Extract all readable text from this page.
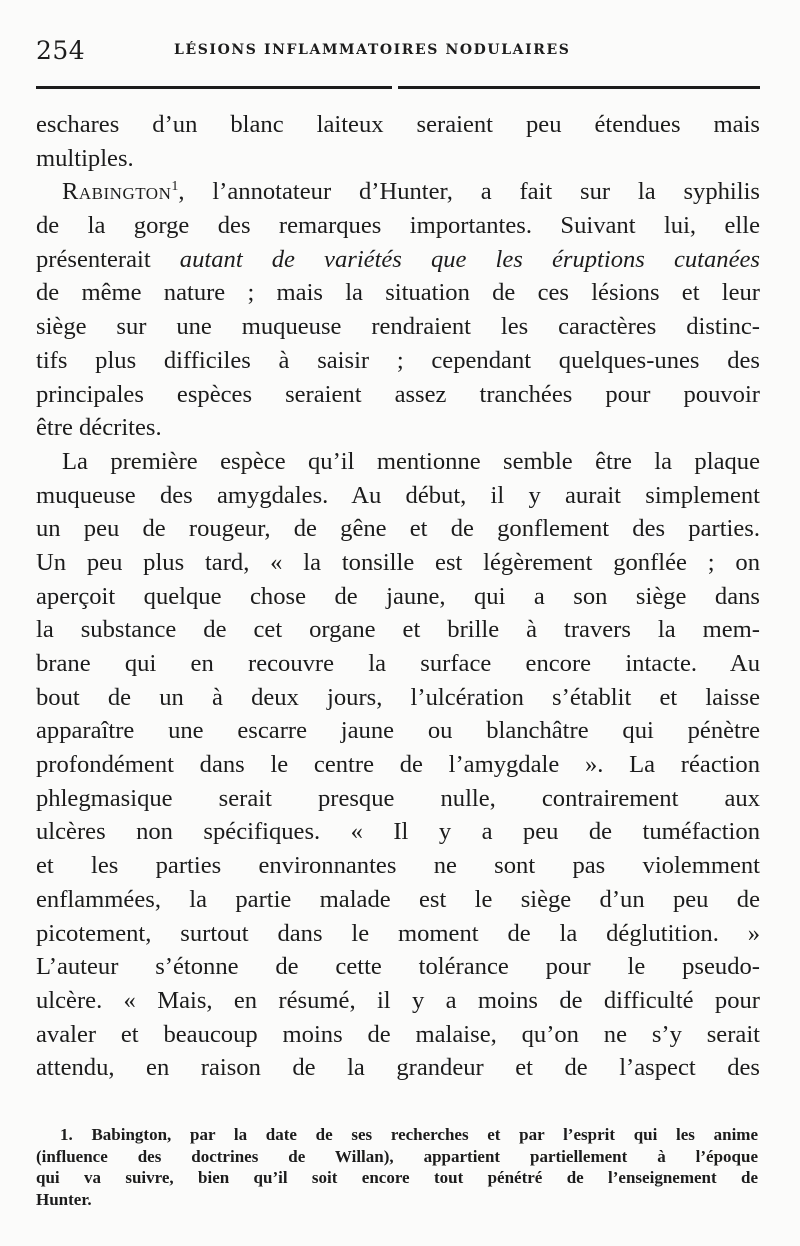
254	LÉSIONS INFLAMMATOIRES NODULAIRES
eschares d’un blanc laiteux seraient peu étendues mais
multiples.
Rabington$^1$, l’annotateur d’Hunter, a fait sur la syphilis
de la gorge des remarques importantes. Suivant lui, elle
présenterait autant de variétés que les éruptions cutanées
de même nature ; mais la situation de ces lésions et leur
siège sur une muqueuse rendraient les caractères distinc-
tifs plus difficiles à saisir ; cependant quelques-unes des
principales espèces seraient assez tranchées pour pouvoir
être décrites.
La première espèce qu’il mentionne semble être la plaque
muqueuse des amygdales. Au début, il y aurait simplement
un peu de rougeur, de gêne et de gonflement des parties.
Un peu plus tard, « la tonsille est légèrement gonflée ; on
aperçoit quelque chose de jaune, qui a son siège dans
la substance de cet organe et brille à travers la mem-
brane qui en recouvre la surface encore intacte. Au
bout de un à deux jours, l’ulcération s’établit et laisse
apparaître une escarre jaune ou blanchâtre qui pénètre
profondément dans le centre de l’amygdale ». La réaction
phlegmasique serait presque nulle, contrairement aux
ulcères non spécifiques. « Il y a peu de tuméfaction
et les parties environnantes ne sont pas violemment
enflammées, la partie malade est le siège d’un peu de
picotement, surtout dans le moment de la déglutition. »
L’auteur s’étonne de cette tolérance pour le pseudo-
ulcère. « Mais, en résumé, il y a moins de difficulté pour
avaler et beaucoup moins de malaise, qu’on ne s’y serait
attendu, en raison de la grandeur et de l’aspect des
1. Babington, par la date de ses recherches et par l’esprit qui les anime
(influence des doctrines de Willan), appartient partiellement à l’époque
qui va suivre, bien qu’il soit encore tout pénétré de l’enseignement de
Hunter.
